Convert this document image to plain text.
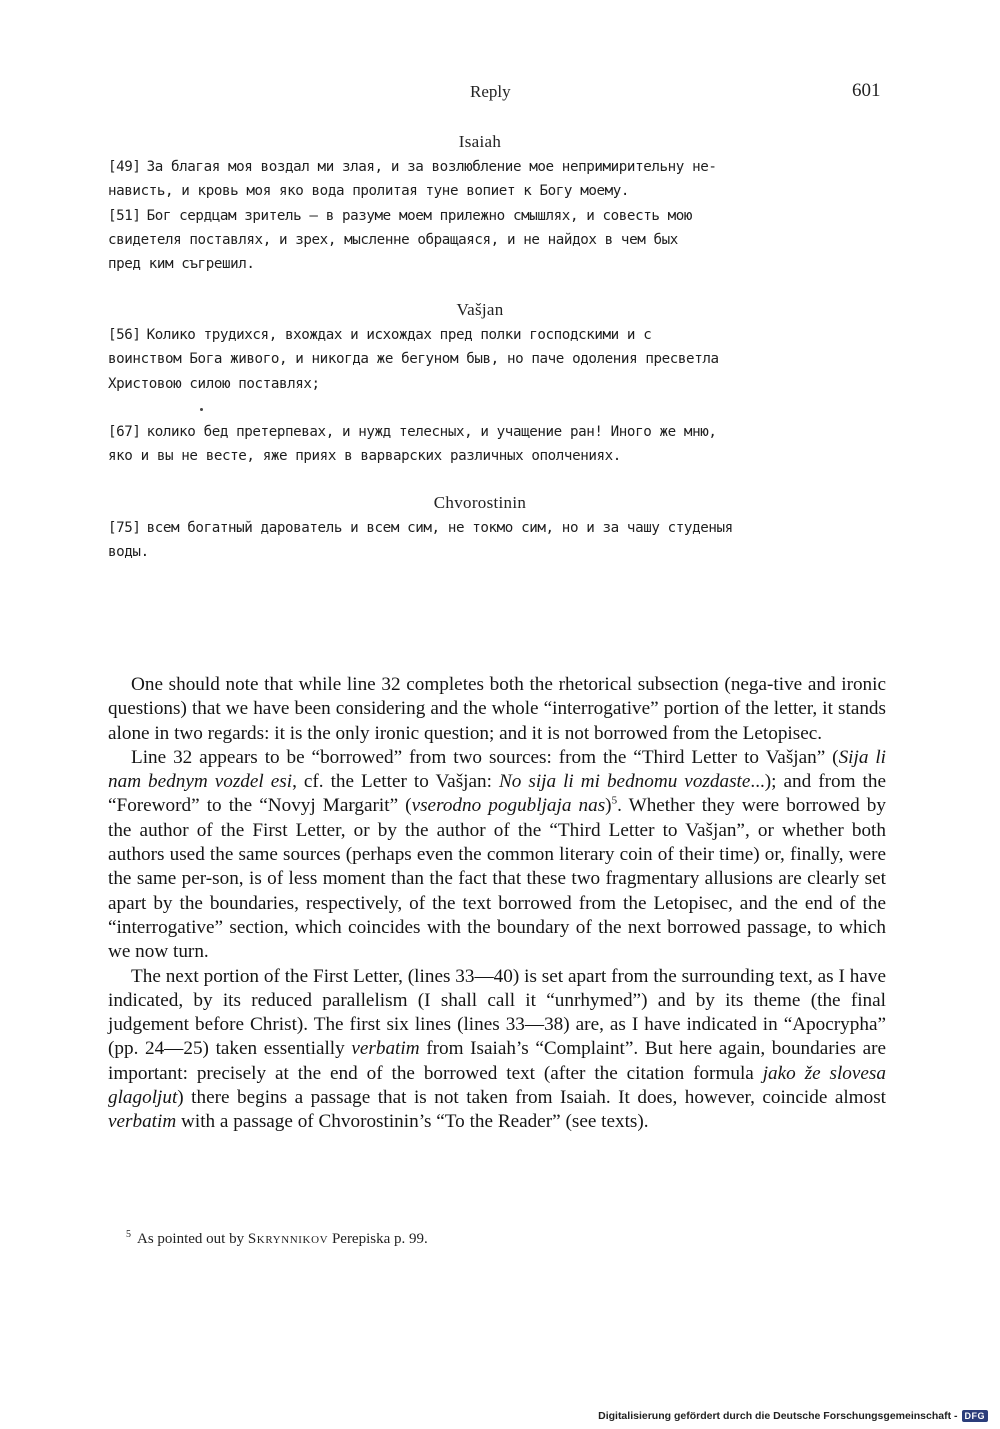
Reply	601
Isaiah
[49] За благая моя воздал ми злая, и за возлюбление мое непримирительну не-
нависть, и кровь моя яко вода пролитая туне вопиет к Богу моему.
[51] Бог сердцам зритель – в разуме моем прилежно смышлях, и совесть мою
свидетеля поставлях, и зрех, мысленне обращаяся, и не найдох в чем бых
пред ким съгрешил.
Vašjan
[56] Колико трудихся, вхождах и исхождах пред полки господскими и с
воинством Бога живого, и никогда же бегуном быв, но паче одоления пресветла
Христовою силою поставлях;
[67] колико бед претерпевах, и нужд телесных, и учащение ран! Иного же мню,
яко и вы не весте, яже приях в варварских различных ополчениях.
Chvorostinin
[75] всем богатный дарователь и всем сим, не токмо сим, но и за чашу студеныя
воды.

One should note that while line 32 completes both the rhetorical subsection (nega-tive and ironic questions) that we have been considering and the whole “interrogative” portion of the letter, it stands alone in two regards: it is the only ironic question; and it is not borrowed from the Letopisec.

Line 32 appears to be “borrowed” from two sources: from the “Third Letter to Vašjan” (Sija li nam bednym vozdel esi, cf. the Letter to Vašjan: No sija li mi bednomu vozdaste...); and from the “Foreword” to the “Novyj Margarit” (vserodno pogubljaja nas)$^5$. Whether they were borrowed by the author of the First Letter, or by the author of the “Third Letter to Vašjan”, or whether both authors used the same sources (perhaps even the common literary coin of their time) or, finally, were the same per-son, is of less moment than the fact that these two fragmentary allusions are clearly set apart by the boundaries, respectively, of the text borrowed from the Letopisec, and the end of the “interrogative” section, which coincides with the boundary of the next borrowed passage, to which we now turn.

The next portion of the First Letter, (lines 33—40) is set apart from the surrounding text, as I have indicated, by its reduced parallelism (I shall call it “unrhymed”) and by its theme (the final judgement before Christ). The first six lines (lines 33—38) are, as I have indicated in “Apocrypha” (pp. 24—25) taken essentially verbatim from Isaiah’s “Complaint”. But here again, boundaries are important: precisely at the end of the borrowed text (after the citation formula jako že slovesa glagoljut) there begins a passage that is not taken from Isaiah. It does, however, coincide almost verbatim with a passage of Chvorostinin’s “To the Reader” (see texts).

$^5$ As pointed out by Skrynnikov Perepiska p. 99.
Digitalisierung gefördert durch die Deutsche Forschungsgemeinschaft - DFG
